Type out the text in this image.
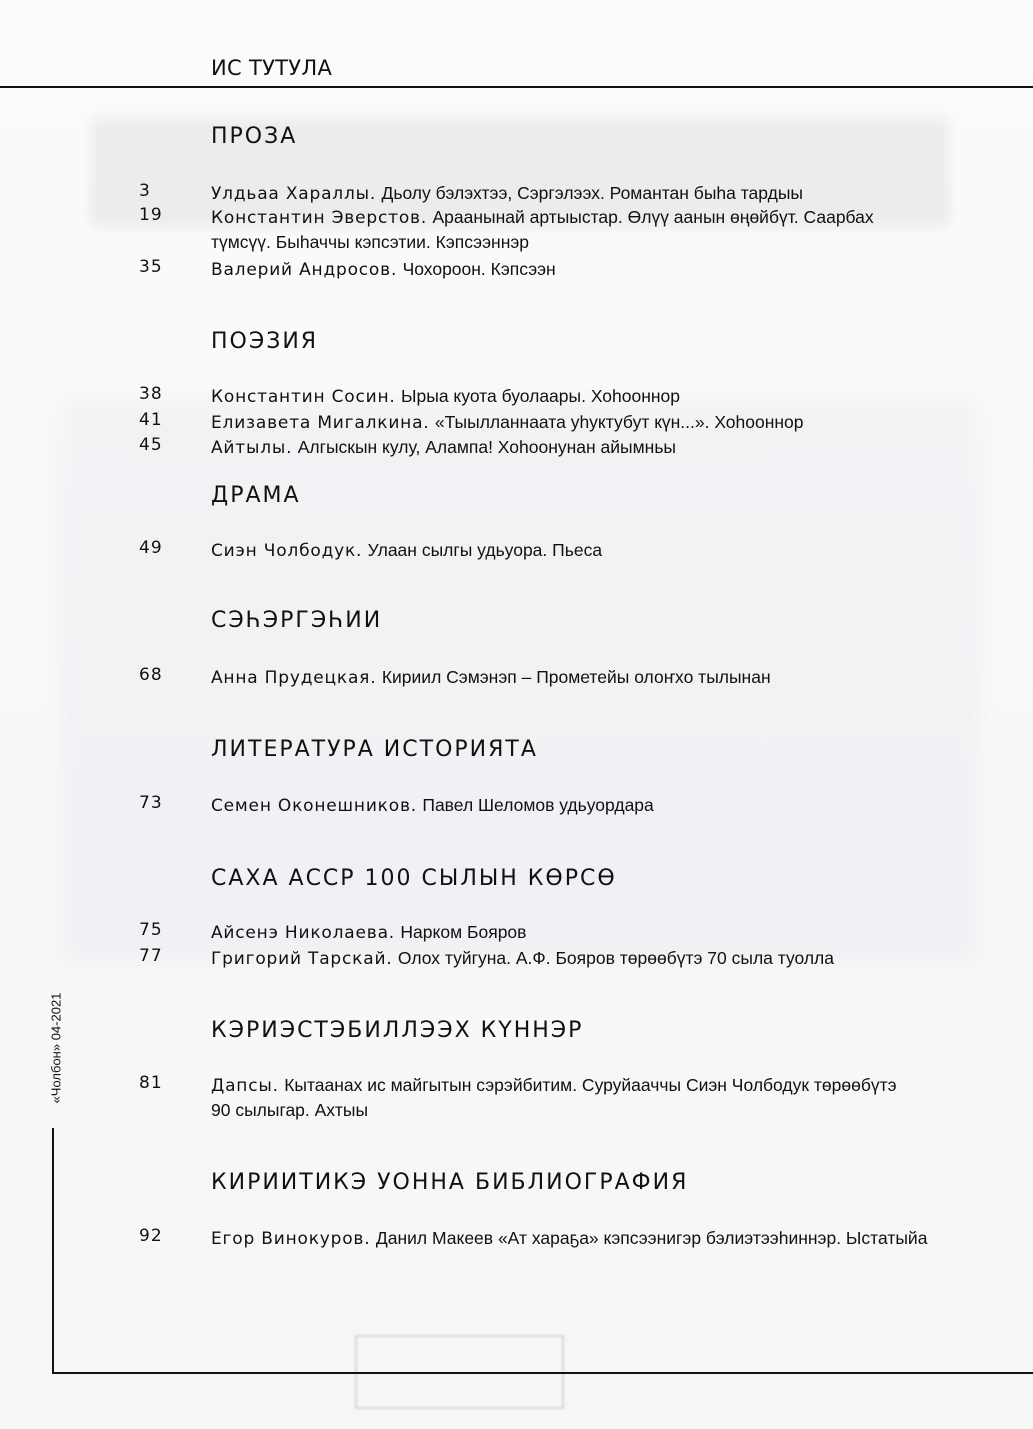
ИС ТУТУЛА
ПРОЗА
3	Улдьаа Хараллы. Дьолу бэлэхтээ, Сэргэлээх. Романтан быһа тардыы
19	Константин Эверстов. Араанынай артыыстар. Өлүү аанын өңөйбүт. Саарбах түмсүү. Быһаччы кэпсэтии. Кэпсээннэр
35	Валерий Андросов. Чохороон. Кэпсээн
ПОЭЗИЯ
38	Константин Сосин. Ырыа куота буолаары. Хоһооннор
41	Елизавета Мигалкина. «Тыылланнаата уһуктубут күн...». Хоһооннор
45	Айтылы. Алгыскын кулу, Алампа! Хоһоонунан айымньы
ДРАМА
49	Сиэн Чолбодук. Улаан сылгы удьуора. Пьеса
СЭҺЭРГЭҺИИ
68	Анна Прудецкая. Кириил Сэмэнэп – Прометейы олоҥхо тылынан
ЛИТЕРАТУРА ИСТОРИЯТА
73	Семен Оконешников. Павел Шеломов удьуордара
САХА АССР 100 СЫЛЫН КӨРСӨ
75	Айсенэ Николаева. Нарком Бояров
77	Григорий Тарскай. Олох туйгуна. А.Ф. Бояров төрөөбүтэ 70 сыла туолла
КЭРИЭСТЭБИЛЛЭЭХ КҮННЭР
81	Дапсы. Кытаанах ис майгытын сэрэйбитим. Суруйааччы Сиэн Чолбодук төрөөбүтэ 90 сылыгар. Ахтыы
КИРИИТИКЭ УОННА БИБЛИОГРАФИЯ
92	Егор Винокуров. Данил Макеев «Ат хараҕа» кэпсээнигэр бэлиэтээһиннэр. Ыстатыйа
«Чолбон» 04-2021
